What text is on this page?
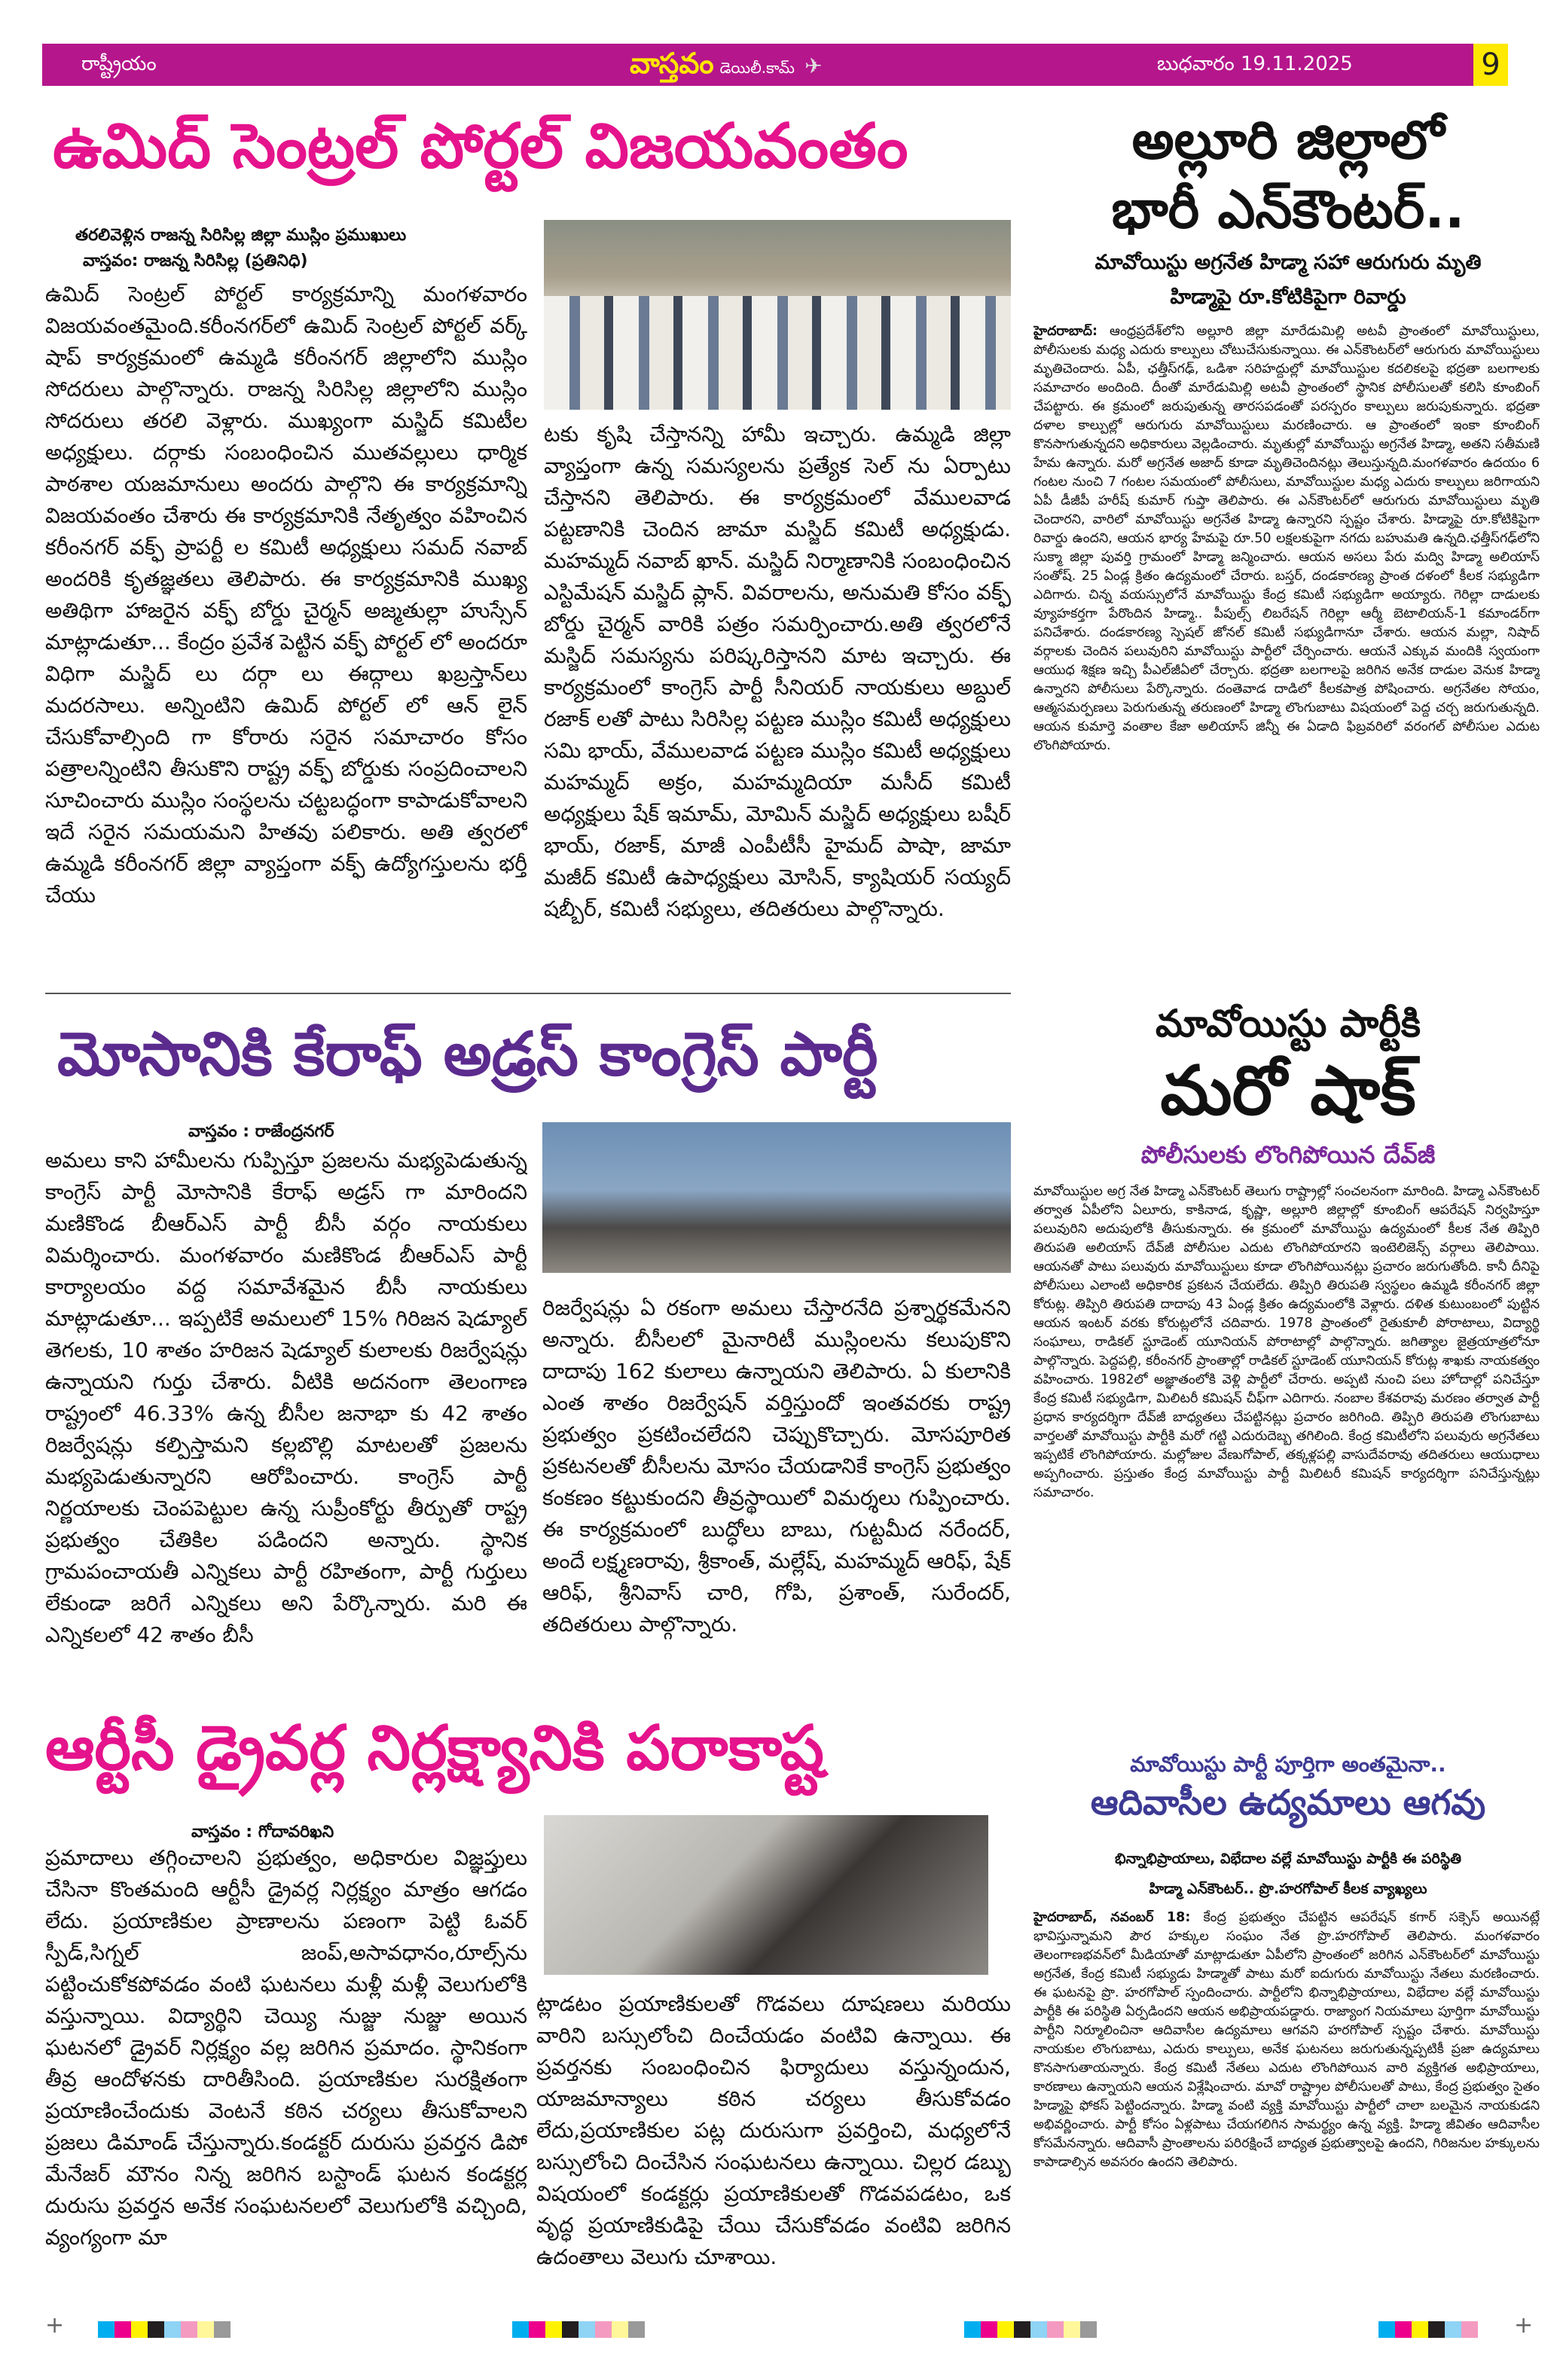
రాష్ట్రీయం	వాస్తవం డెయిలీ.కామ్ ✈	బుధవారం 19.11.2025	9
ఉమిద్ సెంట్రల్ పోర్టల్ విజయవంతం
తరలివెళ్లిన రాజన్న సిరిసిల్ల జిల్లా ముస్లిం ప్రముఖులు
వాస్తవం: రాజన్న సిరిసిల్ల (ప్రతినిధి)
ఉమిద్ సెంట్రల్ పోర్టల్ కార్యక్రమాన్ని మంగళవారం విజయవంతమైంది.కరీంనగర్‌లో ఉమిద్ సెంట్రల్ పోర్టల్ వర్క్ షాప్ కార్యక్రమంలో ఉమ్మడి కరీంనగర్ జిల్లాలోని ముస్లిం సోదరులు పాల్గొన్నారు. రాజన్న సిరిసిల్ల జిల్లాలోని ముస్లిం సోదరులు తరలి వెళ్లారు. ముఖ్యంగా మస్జిద్ కమిటీల అధ్యక్షులు. దర్గాకు సంబంధించిన ముతవల్లులు ధార్మిక పాఠశాల యజమానులు అందరు పాల్గొని ఈ కార్యక్రమాన్ని విజయవంతం చేశారు ఈ కార్యక్రమానికి నేతృత్వం వహించిన కరీంనగర్ వక్ఫ్ ప్రాపర్టీ ల కమిటీ అధ్యక్షులు సమద్ నవాబ్ అందరికి కృతజ్ఞతలు తెలిపారు. ఈ కార్యక్రమానికి ముఖ్య అతిథిగా హాజరైన వక్ఫ్ బోర్డు చైర్మన్ అజ్మతుల్లా హుస్సేన్ మాట్లాడుతూ... కేంద్రం ప్రవేశ పెట్టిన వక్ఫ్ పోర్టల్ లో అందరూ విధిగా మస్జిద్ లు దర్గా లు ఈద్గాలు ఖబ్రస్తాన్‌లు మదరసాలు. అన్నింటిని ఉమిద్ పోర్టల్ లో ఆన్ లైన్ చేసుకోవాల్సింది గా కోరారు సరైన సమాచారం కోసం పత్రాలన్నింటిని తీసుకొని రాష్ట్ర వక్ఫ్ బోర్డుకు సంప్రదించాలని సూచించారు ముస్లిం సంస్థలను చట్టబద్ధంగా కాపాడుకోవాలని ఇదే సరైన సమయమని హితవు పలికారు. అతి త్వరలో ఉమ్మడి కరీంనగర్ జిల్లా వ్యాప్తంగా వక్ఫ్ ఉద్యోగస్తులను భర్తీ చేయు
టకు కృషి చేస్తానన్ని హామీ ఇచ్చారు. ఉమ్మడి జిల్లా వ్యాప్తంగా ఉన్న సమస్యలను ప్రత్యేక సెల్ ను ఏర్పాటు చేస్తానని తెలిపారు. ఈ కార్యక్రమంలో వేములవాడ పట్టణానికి చెందిన జామా మస్జిద్ కమిటీ అధ్యక్షుడు. మహమ్మద్ నవాబ్ ఖాన్. మస్జిద్ నిర్మాణానికి సంబంధించిన ఎస్టిమేషన్ మస్జిద్ ప్లాన్. వివరాలను, అనుమతి కోసం వక్ఫ్ బోర్డు చైర్మన్ వారికి పత్రం సమర్పించారు.అతి త్వరలోనే మస్జిద్ సమస్యను పరిష్కరిస్తానని మాట ఇచ్చారు. ఈ కార్యక్రమంలో కాంగ్రెస్ పార్టీ సీనియర్ నాయకులు అబ్దుల్ రజాక్ లతో పాటు సిరిసిల్ల పట్టణ ముస్లిం కమిటీ అధ్యక్షులు సమి భాయ్, వేములవాడ పట్టణ ముస్లిం కమిటీ అధ్యక్షులు మహమ్మద్ అక్రం, మహమ్మదియా మసీద్ కమిటీ అధ్యక్షులు షేక్ ఇమామ్, మోమిన్ మస్జిద్ అధ్యక్షులు బషీర్ భాయ్, రజాక్, మాజీ ఎంపీటీసీ హైమద్ పాషా, జామా మజీద్ కమిటీ ఉపాధ్యక్షులు మోసిన్, క్యాషియర్ సయ్యద్ షబ్బీర్, కమిటీ సభ్యులు, తదితరులు పాల్గొన్నారు.
మోసానికి కేరాఫ్ అడ్రస్ కాంగ్రెస్ పార్టీ
వాస్తవం : రాజేంద్రనగర్
అమలు కాని హామీలను గుప్పిస్తూ ప్రజలను మభ్యపెడుతున్న కాంగ్రెస్ పార్టీ మోసానికి కేరాఫ్ అడ్రస్ గా మారిందని మణికొండ బీఆర్ఎస్ పార్టీ బీసీ వర్గం నాయకులు విమర్శించారు. మంగళవారం మణికొండ బీఆర్ఎస్ పార్టీ కార్యాలయం వద్ద సమావేశమైన బీసీ నాయకులు మాట్లాడుతూ... ఇప్పటికే అమలులో 15% గిరిజన షెడ్యూల్ తెగలకు, 10 శాతం హరిజన షెడ్యూల్ కులాలకు రిజర్వేషన్లు ఉన్నాయని గుర్తు చేశారు. వీటికి అదనంగా తెలంగాణ రాష్ట్రంలో 46.33% ఉన్న బీసీల జనాభా కు 42 శాతం రిజర్వేషన్లు కల్పిస్తామని కల్లబొల్లి మాటలతో ప్రజలను మభ్యపెడుతున్నారని ఆరోపించారు. కాంగ్రెస్ పార్టీ నిర్ణయాలకు చెంపపెట్టుల ఉన్న సుప్రీంకోర్టు తీర్పుతో రాష్ట్ర ప్రభుత్వం చేతికిల పడిందని అన్నారు. స్థానిక గ్రామపంచాయతీ ఎన్నికలు పార్టీ రహితంగా, పార్టీ గుర్తులు లేకుండా జరిగే ఎన్నికలు అని పేర్కొన్నారు. మరి ఈ ఎన్నికలలో 42 శాతం బీసీ
రిజర్వేషన్లు ఏ రకంగా అమలు చేస్తారనేది ప్రశ్నార్థకమేనని అన్నారు. బీసీలలో మైనారిటీ ముస్లింలను కలుపుకొని దాదాపు 162 కులాలు ఉన్నాయని తెలిపారు. ఏ కులానికి ఎంత శాతం రిజర్వేషన్ వర్తిస్తుందో ఇంతవరకు రాష్ట్ర ప్రభుత్వం ప్రకటించలేదని చెప్పుకొచ్చారు. మోసపూరిత ప్రకటనలతో బీసీలను మోసం చేయడానికే కాంగ్రెస్ ప్రభుత్వం కంకణం కట్టుకుందని తీవ్రస్థాయిలో విమర్శలు గుప్పించారు. ఈ కార్యక్రమంలో బుద్ధోలు బాబు, గుట్టమీద నరేందర్, అందే లక్ష్మణరావు, శ్రీకాంత్, మల్లేష్, మహమ్మద్ ఆరిఫ్, షేక్ ఆరిఫ్, శ్రీనివాస్ చారి, గోపి, ప్రశాంత్, సురేందర్, తదితరులు పాల్గొన్నారు.
ఆర్టీసీ డ్రైవర్ల నిర్లక్ష్యానికి పరాకాష్ట
వాస్తవం : గోదావరిఖని
ప్రమాదాలు తగ్గించాలని ప్రభుత్వం, అధికారుల విజ్ఞప్తులు చేసినా కొంతమంది ఆర్టీసీ డ్రైవర్ల నిర్లక్ష్యం మాత్రం ఆగడం లేదు. ప్రయాణికుల ప్రాణాలను పణంగా పెట్టి ఓవర్ స్పీడ్,సిగ్నల్ జంప్,అసావధానం,రూల్స్‌ను పట్టించుకోకపోవడం వంటి ఘటనలు మళ్లీ మళ్లీ వెలుగులోకి వస్తున్నాయి. విద్యార్థిని చెయ్యి నుజ్జు నుజ్జు అయిన ఘటనలో డ్రైవర్ నిర్లక్ష్యం వల్ల జరిగిన ప్రమాదం. స్థానికంగా తీవ్ర ఆందోళనకు దారితీసింది. ప్రయాణికుల సురక్షితంగా ప్రయాణించేందుకు వెంటనే కఠిన చర్యలు తీసుకోవాలని ప్రజలు డిమాండ్ చేస్తున్నారు.కండక్టర్ దురుసు ప్రవర్తన డిపో మేనేజర్ మౌనం నిన్న జరిగిన బస్టాండ్ ఘటన కండక్టర్ల దురుసు ప్రవర్తన అనేక సంఘటనలలో వెలుగులోకి వచ్చింది, వ్యంగ్యంగా మా
ట్లాడటం ప్రయాణికులతో గొడవలు దూషణలు మరియు వారిని బస్సులోంచి దించేయడం వంటివి ఉన్నాయి. ఈ ప్రవర్తనకు సంబంధించిన ఫిర్యాదులు వస్తున్నందున, యాజమాన్యాలు కఠిన చర్యలు తీసుకోవడం లేదు,ప్రయాణికుల పట్ల దురుసుగా ప్రవర్తించి, మధ్యలోనే బస్సులోంచి దించేసిన సంఘటనలు ఉన్నాయి. చిల్లర డబ్బు విషయంలో కండక్టర్లు ప్రయాణికులతో గొడవపడటం, ఒక వృద్ధ ప్రయాణికుడిపై చేయి చేసుకోవడం వంటివి జరిగిన ఉదంతాలు వెలుగు చూశాయి.
అల్లూరి జిల్లాలో
భారీ ఎన్‌కౌంటర్..
మావోయిస్టు అగ్రనేత హిడ్మా సహా ఆరుగురు మృతి
హిడ్మాపై రూ.కోటికిపైగా రివార్డు
హైదరాబాద్: ఆంధ్రప్రదేశ్‌లోని అల్లూరి జిల్లా మారేడుమిల్లి అటవీ ప్రాంతంలో మావోయిస్టులు, పోలీసులకు మధ్య ఎదురు కాల్పులు చోటుచేసుకున్నాయి. ఈ ఎన్‌కౌంటర్‌లో ఆరుగురు మావోయిస్టులు మృతిచెందారు. ఏపీ, ఛత్తీస్‌గఢ్, ఒడిశా సరిహద్దుల్లో మావోయిస్టుల కదలికలపై భద్రతా బలగాలకు సమాచారం అందింది. దీంతో మారేడుమిల్లి అటవీ ప్రాంతంలో స్థానిక పోలీసులతో కలిసి కూంబింగ్ చేపట్టారు. ఈ క్రమంలో జరుపుతున్న తారసపడంతో పరస్పరం కాల్పులు జరుపుకున్నారు. భద్రతా దళాల కాల్పుల్లో ఆరుగురు మావోయిస్టులు మరణించారు. ఆ ప్రాంతంలో ఇంకా కూంబింగ్ కొనసాగుతున్నదని అధికారులు వెల్లడించారు. మృతుల్లో మావోయిస్టు అగ్రనేత హిడ్మా, అతని సతీమణి హేమ ఉన్నారు. మరో అగ్రనేత అజాద్ కూడా మృతిచెందినట్లు తెలుస్తున్నది.మంగళవారం ఉదయం 6 గంటల నుంచి 7 గంటల సమయంలో పోలీసులు, మావోయిస్టుల మధ్య ఎదురు కాల్పులు జరిగాయని ఏపీ డీజీపీ హరీష్ కుమార్ గుప్తా తెలిపారు. ఈ ఎన్‌కౌంటర్‌లో ఆరుగురు మావోయిస్టులు మృతి చెందారని, వారిలో మావోయిస్టు అగ్రనేత హిడ్మా ఉన్నారని స్పష్టం చేశారు. హిడ్మాపై రూ.కోటికిపైగా రివార్డు ఉందని, ఆయన భార్య హేమపై రూ.50 లక్షలకుపైగా నగదు బహుమతి ఉన్నది.ఛత్తీస్‌గఢ్‌లోని సుక్మా జిల్లా పువర్తి గ్రామంలో హిడ్మా జన్మించారు. ఆయన అసలు పేరు మద్వి హిడ్మా అలియాస్ సంతోష్. 25 ఏండ్ల క్రితం ఉద్యమంలో చేరారు. బస్తర్, దండకారణ్య ప్రాంత దళంలో కీలక సభ్యుడిగా ఎదిగారు. చిన్న వయస్సులోనే మావోయిస్టు కేంద్ర కమిటీ సభ్యుడిగా అయ్యారు. గెరిల్లా దాడులకు వ్యూహకర్తగా పేరొందిన హిడ్మా.. పీపుల్స్ లిబరేషన్ గెరిల్లా ఆర్మీ బెటాలియన్-1 కమాండర్‌గా పనిచేశారు. దండకారణ్య స్పెషల్ జోనల్ కమిటీ సభ్యుడిగానూ చేశారు. ఆయన మల్లా, నిషాద్ వర్గాలకు చెందిన పలువురిని మావోయిస్టు పార్టీలో చేర్పించారు. ఆయనే ఎక్కువ మందికి స్వయంగా ఆయుధ శిక్షణ ఇచ్చి పీఎల్‌జీఏలో చేర్చారు. భద్రతా బలగాలపై జరిగిన అనేక దాడుల వెనుక హిడ్మా ఉన్నారని పోలీసులు పేర్కొన్నారు. దంతెవాడ దాడిలో కీలకపాత్ర పోషించారు. అగ్రనేతల సోయం, ఆత్మసమర్పణలు పెరుగుతున్న తరుణంలో హిడ్మా లొంగుబాటు విషయంలో పెద్ద చర్చ జరుగుతున్నది. ఆయన కుమార్తె వంతాల కేజా అలియాస్ జిన్నీ ఈ ఏడాది ఫిబ్రవరిలో వరంగల్ పోలీసుల ఎదుట లొంగిపోయారు.
మావోయిస్టు పార్టీకి
మరో షాక్
పోలీసులకు లొంగిపోయిన దేవ్‌జీ
మావోయిస్టుల అగ్ర నేత హిడ్మా ఎన్‌కౌంటర్ తెలుగు రాష్ట్రాల్లో సంచలనంగా మారింది. హిడ్మా ఎన్‌కౌంటర్ తర్వాత ఏపీలోని ఏలూరు, కాకినాడ, కృష్ణా, అల్లూరి జిల్లాల్లో కూంబింగ్ ఆపరేషన్ నిర్వహిస్తూ పలువురిని అదుపులోకి తీసుకున్నారు. ఈ క్రమంలో మావోయిస్టు ఉద్యమంలో కీలక నేత తిప్పిరి తిరుపతి అలియాస్ దేవ్‌జీ పోలీసుల ఎదుట లొంగిపోయారని ఇంటెలిజెన్స్ వర్గాలు తెలిపాయి. ఆయనతో పాటు పలువురు మావోయిస్టులు కూడా లొంగిపోయినట్లు ప్రచారం జరుగుతోంది. కానీ దీనిపై పోలీసులు ఎలాంటి అధికారిక ప్రకటన చేయలేదు. తిప్పిరి తిరుపతి స్వస్థలం ఉమ్మడి కరీంనగర్ జిల్లా కోరుట్ల. తిప్పిరి తిరుపతి దాదాపు 43 ఏండ్ల క్రితం ఉద్యమంలోకి వెళ్లారు. దళిత కుటుంబంలో పుట్టిన ఆయన ఇంటర్ వరకు కోరుట్లలోనే చదివారు. 1978 ప్రాంతంలో రైతుకూలీ పోరాటాలు, విద్యార్థి సంఘాలు, రాడికల్ స్టూడెంట్ యూనియన్ పోరాటాల్లో పాల్గొన్నారు. జగిత్యాల జైత్రయాత్రలోనూ పాల్గొన్నారు. పెద్దపల్లి, కరీంనగర్ ప్రాంతాల్లో రాడికల్ స్టూడెంట్ యూనియన్ కోరుట్ల శాఖకు నాయకత్వం వహించారు. 1982లో అజ్ఞాతంలోకి వెళ్లి పార్టీలో చేరారు. అప్పటి నుంచి పలు హోదాల్లో పనిచేస్తూ కేంద్ర కమిటీ సభ్యుడిగా, మిలిటరీ కమిషన్ చీఫ్‌గా ఎదిగారు. నంబాల కేశవరావు మరణం తర్వాత పార్టీ ప్రధాన కార్యదర్శిగా దేవ్‌జీ బాధ్యతలు చేపట్టినట్లు ప్రచారం జరిగింది. తిప్పిరి తిరుపతి లొంగుబాటు వార్తలతో మావోయిస్టు పార్టీకి మరో గట్టి ఎదురుదెబ్బ తగిలింది. కేంద్ర కమిటీలోని పలువురు అగ్రనేతలు ఇప్పటికే లొంగిపోయారు. మల్లోజుల వేణుగోపాల్, తక్కళ్లపల్లి వాసుదేవరావు తదితరులు ఆయుధాలు అప్పగించారు. ప్రస్తుతం కేంద్ర మావోయిస్టు పార్టీ మిలిటరీ కమిషన్ కార్యదర్శిగా పనిచేస్తున్నట్లు సమాచారం.
మావోయిస్టు పార్టీ పూర్తిగా అంతమైనా..
ఆదివాసీల ఉద్యమాలు ఆగవు
భిన్నాభిప్రాయాలు, విభేదాల వల్లే మావోయిస్టు పార్టీకి ఈ పరిస్థితి
హిడ్మా ఎన్‌కౌంటర్.. ప్రొ.హరగోపాల్ కీలక వ్యాఖ్యలు
హైదరాబాద్, నవంబర్ 18: కేంద్ర ప్రభుత్వం చేపట్టిన ఆపరేషన్ కగార్ సక్సెస్ అయినట్లే భావిస్తున్నామని పౌర హక్కుల సంఘం నేత ప్రొ.హరగోపాల్ తెలిపారు. మంగళవారం తెలంగాణభవన్‌లో మీడియాతో మాట్లాడుతూ ఏపీలోని ప్రాంతంలో జరిగిన ఎన్‌కౌంటర్‌లో మావోయిస్టు అగ్రనేత, కేంద్ర కమిటీ సభ్యుడు హిడ్మాతో పాటు మరో ఐదుగురు మావోయిస్టు నేతలు మరణించారు. ఈ ఘటనపై ప్రొ. హరగోపాల్ స్పందించారు. పార్టీలోని భిన్నాభిప్రాయాలు, విభేదాల వల్లే మావోయిస్టు పార్టీకి ఈ పరిస్థితి ఏర్పడిందని ఆయన అభిప్రాయపడ్డారు. రాజ్యాంగ నియమాలు పూర్తిగా మావోయిస్టు పార్టీని నిర్మూలించినా ఆదివాసీల ఉద్యమాలు ఆగవని హరగోపాల్ స్పష్టం చేశారు. మావోయిస్టు నాయకుల లొంగుబాటు, ఎదురు కాల్పులు, అనేక ఘటనలు జరుగుతున్నప్పటికీ ప్రజా ఉద్యమాలు కొనసాగుతాయన్నారు. కేంద్ర కమిటీ నేతలు ఎదుట లొంగిపోయిన వారి వ్యక్తిగత అభిప్రాయాలు, కారణాలు ఉన్నాయని ఆయన విశ్లేషించారు. మావో రాష్ట్రాల పోలీసులతో పాటు, కేంద్ర ప్రభుత్వం సైతం హిడ్మాపై ఫోకస్ పెట్టిందన్నారు. హిడ్మా వంటి వ్యక్తి మావోయిస్టు పార్టీలో చాలా బలమైన నాయకుడని అభివర్ణించారు. పార్టీ కోసం ఏళ్లపాటు చేయగలిగిన సామర్థ్యం ఉన్న వ్యక్తి. హిడ్మా జీవితం ఆదివాసీల కోసమేనన్నారు. ఆదివాసీ ప్రాంతాలను పరిరక్షించే బాధ్యత ప్రభుత్వాలపై ఉందని, గిరిజనుల హక్కులను కాపాడాల్సిన అవసరం ఉందని తెలిపారు.
+	+
